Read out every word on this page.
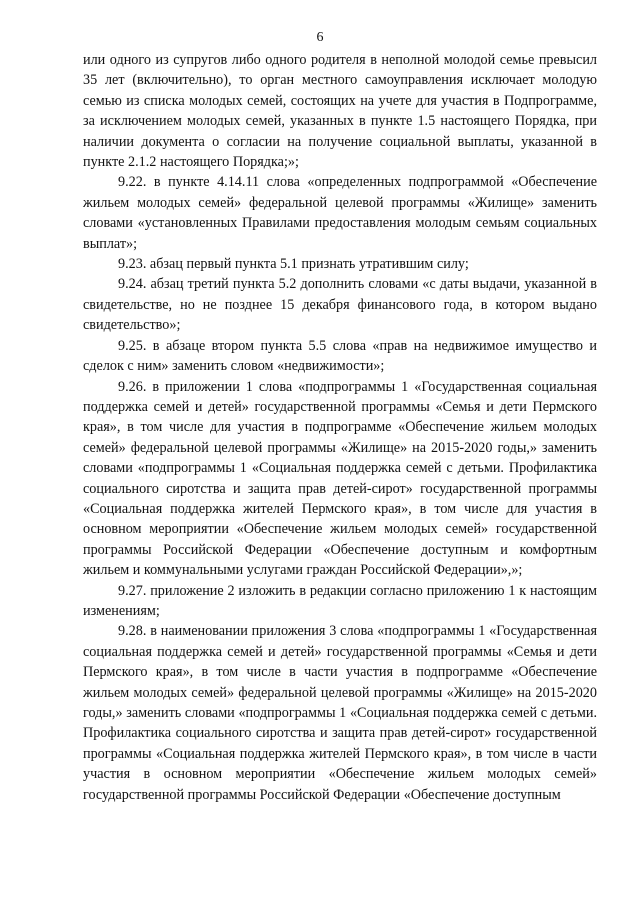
6

или одного из супругов либо одного родителя в неполной молодой семье превысил 35 лет (включительно), то орган местного самоуправления исключает молодую семью из списка молодых семей, состоящих на учете для участия в Подпрограмме, за исключением молодых семей, указанных в пункте 1.5 настоящего Порядка, при наличии документа о согласии на получение социальной выплаты, указанной в пункте 2.1.2 настоящего Порядка;»;

9.22. в пункте 4.14.11 слова «определенных подпрограммой «Обеспечение жильем молодых семей» федеральной целевой программы «Жилище» заменить словами «установленных Правилами предоставления молодым семьям социальных выплат»;

9.23. абзац первый пункта 5.1 признать утратившим силу;

9.24. абзац третий пункта 5.2 дополнить словами «с даты выдачи, указанной в свидетельстве, но не позднее 15 декабря финансового года, в котором выдано свидетельство»;

9.25. в абзаце втором пункта 5.5 слова «прав на недвижимое имущество и сделок с ним» заменить словом «недвижимости»;

9.26. в приложении 1 слова «подпрограммы 1 «Государственная социальная поддержка семей и детей» государственной программы «Семья и дети Пермского края», в том числе для участия в подпрограмме «Обеспечение жильем молодых семей» федеральной целевой программы «Жилище» на 2015-2020 годы,» заменить словами «подпрограммы 1 «Социальная поддержка семей с детьми. Профилактика социального сиротства и защита прав детей-сирот» государственной программы «Социальная поддержка жителей Пермского края», в том числе для участия в основном мероприятии «Обеспечение жильем молодых семей» государственной программы Российской Федерации «Обеспечение доступным и комфортным жильем и коммунальными услугами граждан Российской Федерации»,»;

9.27. приложение 2 изложить в редакции согласно приложению 1 к настоящим изменениям;

9.28. в наименовании приложения 3 слова «подпрограммы 1 «Государственная социальная поддержка семей и детей» государственной программы «Семья и дети Пермского края», в том числе в части участия в подпрограмме «Обеспечение жильем молодых семей» федеральной целевой программы «Жилище» на 2015-2020 годы,» заменить словами «подпрограммы 1 «Социальная поддержка семей с детьми. Профилактика социального сиротства и защита прав детей-сирот» государственной программы «Социальная поддержка жителей Пермского края», в том числе в части участия в основном мероприятии «Обеспечение жильем молодых семей» государственной программы Российской Федерации «Обеспечение доступным
